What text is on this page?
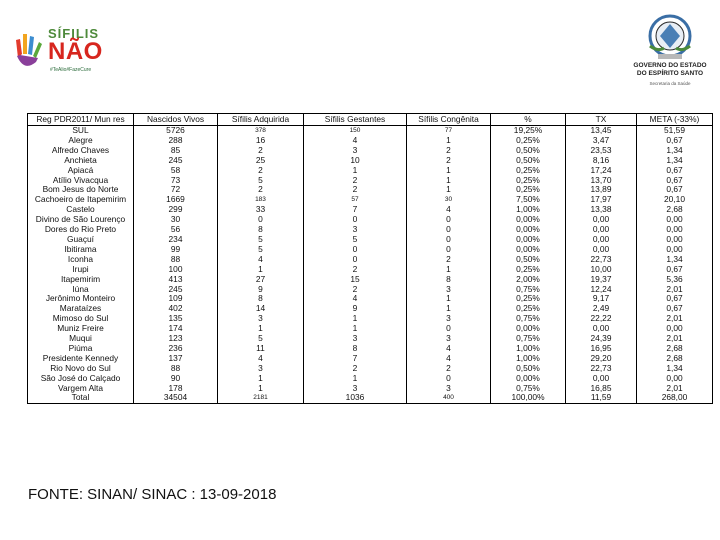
SÍFILIS
NÃO
#TeAlio#FazeCure
GOVERNO DO ESTADO
DO ESPÍRITO SANTO
Secretaria da Saúde
Reg PDR2011/ Mun res	Nascidos Vivos	Sífilis Adquirida	Sífilis Gestantes	Sífilis Congênita	%	TX	META (-33%)
SUL	5726	378	150	77	19,25%	13,45	51,59
Alegre	288	16	4	1	0,25%	3,47	0,67
Alfredo Chaves	85	2	3	2	0,50%	23,53	1,34
Anchieta	245	25	10	2	0,50%	8,16	1,34
Apiacá	58	2	1	1	0,25%	17,24	0,67
Atílio Vivacqua	73	5	2	1	0,25%	13,70	0,67
Bom Jesus do Norte	72	2	2	1	0,25%	13,89	0,67
Cachoeiro de Itapemirim	1669	183	57	30	7,50%	17,97	20,10
Castelo	299	33	7	4	1,00%	13,38	2,68
Divino de São Lourenço	30	0	0	0	0,00%	0,00	0,00
Dores do Rio Preto	56	8	3	0	0,00%	0,00	0,00
Guaçuí	234	5	5	0	0,00%	0,00	0,00
Ibitirama	99	5	0	0	0,00%	0,00	0,00
Iconha	88	4	0	2	0,50%	22,73	1,34
Irupi	100	1	2	1	0,25%	10,00	0,67
Itapemirim	413	27	15	8	2,00%	19,37	5,36
Iúna	245	9	2	3	0,75%	12,24	2,01
Jerônimo Monteiro	109	8	4	1	0,25%	9,17	0,67
Marataízes	402	14	9	1	0,25%	2,49	0,67
Mimoso do Sul	135	3	1	3	0,75%	22,22	2,01
Muniz Freire	174	1	1	0	0,00%	0,00	0,00
Muqui	123	5	3	3	0,75%	24,39	2,01
Piúma	236	11	8	4	1,00%	16,95	2,68
Presidente Kennedy	137	4	7	4	1,00%	29,20	2,68
Rio Novo do Sul	88	3	2	2	0,50%	22,73	1,34
São José do Calçado	90	1	1	0	0,00%	0,00	0,00
Vargem Alta	178	1	3	3	0,75%	16,85	2,01
Total	34504	2181	1036	400	100,00%	11,59	268,00
FONTE: SINAN/ SINAC : 13-09-2018
